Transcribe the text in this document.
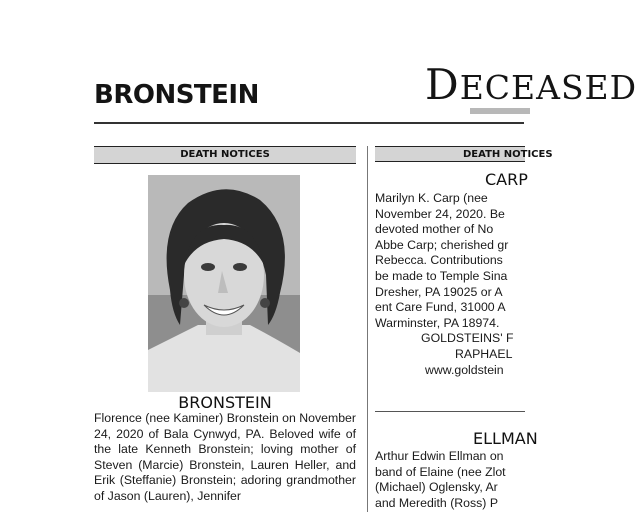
BRONSTEIN	DECEASED
DEATH NOTICES	DEATH NOTICES
BRONSTEIN
Florence (nee Kaminer) Bronstein on November 24, 2020 of Bala Cynwyd, PA. Beloved wife of the late Kenneth Bronstein; loving mother of Steven (Marcie) Bronstein, Lauren Heller, and Erik (Steffanie) Bronstein; adoring grandmother of Jason (Lauren), Jennifer
CARP
Marilyn K. Carp (nee
November 24, 2020. Be
devoted mother of No
Abbe Carp; cherished gr
Rebecca. Contributions
be made to Temple Sina
Dresher, PA 19025 or A
ent Care Fund, 31000 A
Warminster, PA 18974.
GOLDSTEINS' F
RAPHAEL
www.goldstein
ELLMAN
Arthur Edwin Ellman on
band of Elaine (nee Zlot
(Michael) Oglensky, Ar
and Meredith (Ross) P
